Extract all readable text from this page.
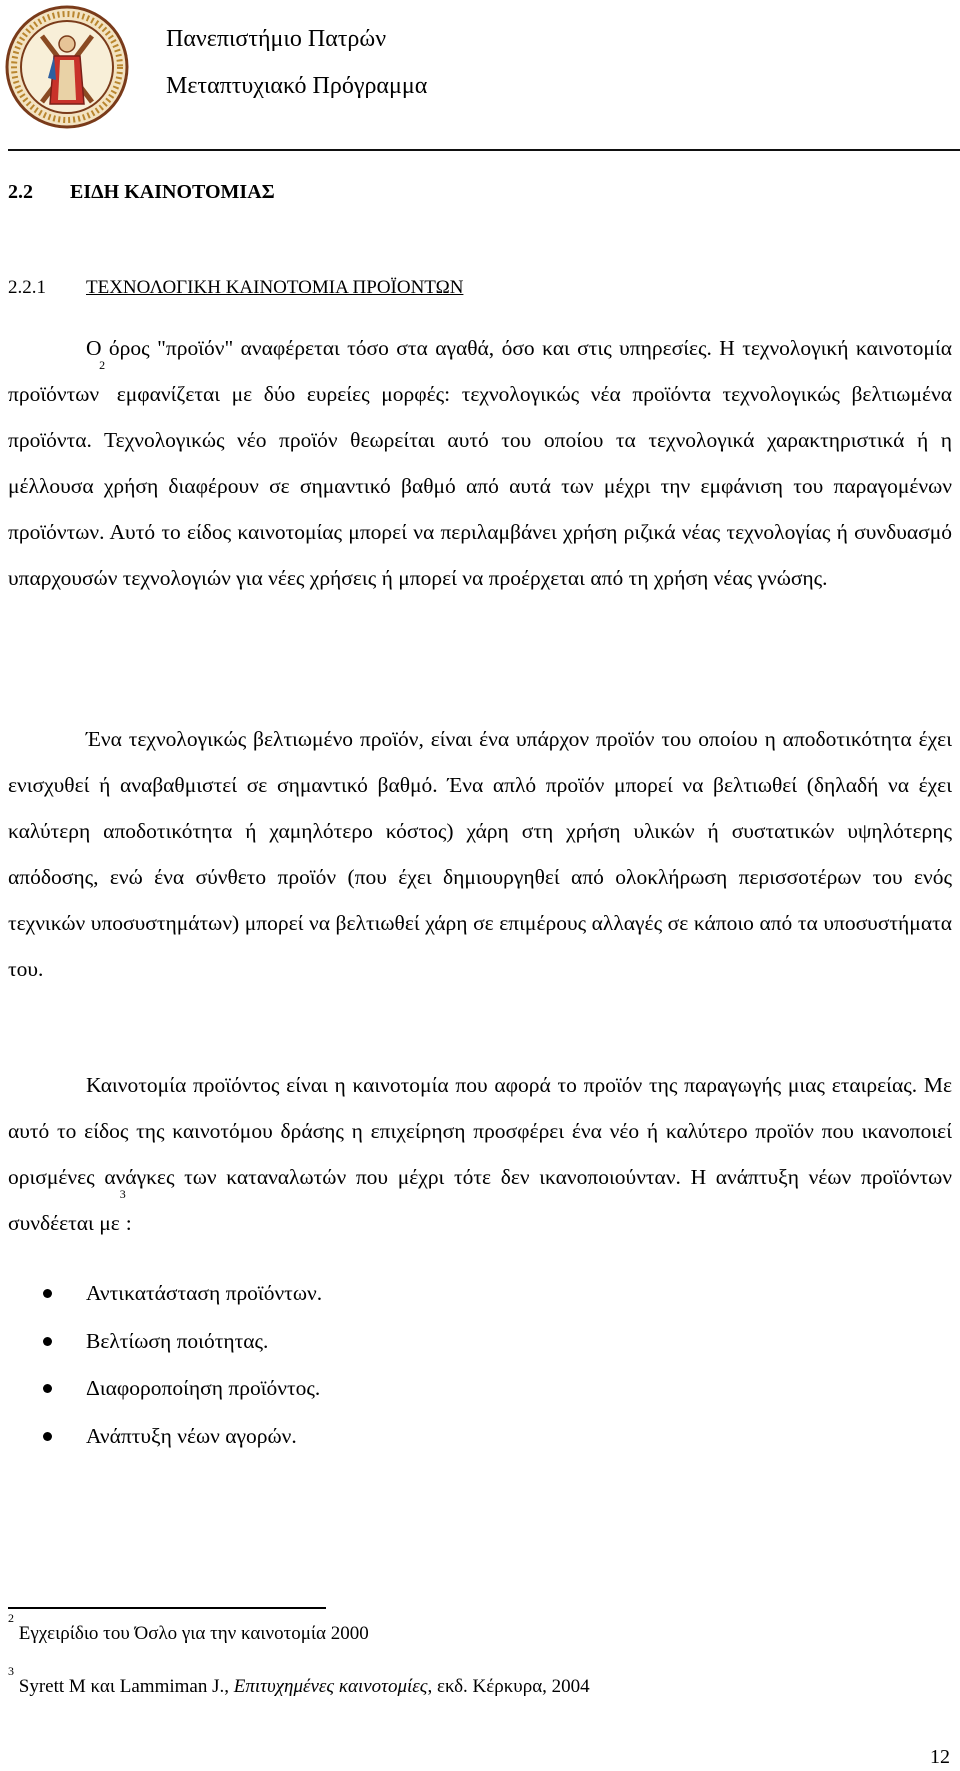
Πανεπιστήμιο Πατρών
Μεταπτυχιακό Πρόγραμμα
2.2 ΕΙΔΗ ΚΑΙΝΟΤΟΜΙΑΣ
2.2.1 ΤΕΧΝΟΛΟΓΙΚΗ ΚΑΙΝΟΤΟΜΙΑ ΠΡΟΪΟΝΤΩΝ

Ο όρος "προϊόν" αναφέρεται τόσο στα αγαθά, όσο και στις υπηρεσίες. Η τεχνολογική καινοτομία προϊόντων$^2$ εμφανίζεται με δύο ευρείες μορφές: τεχνολογικώς νέα προϊόντα τεχνολογικώς βελτιωμένα προϊόντα. Τεχνολογικώς νέο προϊόν θεωρείται αυτό του οποίου τα τεχνολογικά χαρακτηριστικά ή η μέλλουσα χρήση διαφέρουν σε σημαντικό βαθμό από αυτά των μέχρι την εμφάνιση του παραγομένων προϊόντων. Αυτό το είδος καινοτομίας μπορεί να περιλαμβάνει χρήση ριζικά νέας τεχνολογίας ή συνδυασμό υπαρχουσών τεχνολογιών για νέες χρήσεις ή μπορεί να προέρχεται από τη χρήση νέας γνώσης.

Ένα τεχνολογικώς βελτιωμένο προϊόν, είναι ένα υπάρχον προϊόν του οποίου η αποδοτικότητα έχει ενισχυθεί ή αναβαθμιστεί σε σημαντικό βαθμό. Ένα απλό προϊόν μπορεί να βελτιωθεί (δηλαδή να έχει καλύτερη αποδοτικότητα ή χαμηλότερο κόστος) χάρη στη χρήση υλικών ή συστατικών υψηλότερης απόδοσης, ενώ ένα σύνθετο προϊόν (που έχει δημιουργηθεί από ολοκλήρωση περισσοτέρων του ενός τεχνικών υποσυστημάτων) μπορεί να βελτιωθεί χάρη σε επιμέρους αλλαγές σε κάποιο από τα υποσυστήματα του.

Καινοτομία προϊόντος είναι η καινοτομία που αφορά το προϊόν της παραγωγής μιας εταιρείας. Με αυτό το είδος της καινοτόμου δράσης η επιχείρηση προσφέρει ένα νέο ή καλύτερο προϊόν που ικανοποιεί ορισμένες ανάγκες των καταναλωτών που μέχρι τότε δεν ικανοποιούνταν. Η ανάπτυξη νέων προϊόντων συνδέεται $\mu\varepsilon^3$:

Αντικατάσταση προϊόντων.
Βελτίωση ποιότητας.
Διαφοροποίηση προϊόντος.
Ανάπτυξη νέων αγορών.
$^2$ Εγχειρίδιο του Όσλο για την καινοτομία 2000
$^3$ Syrett M και Lammiman J., Επιτυχημένες καινοτομίες, εκδ. Κέρκυρα, 2004
12
